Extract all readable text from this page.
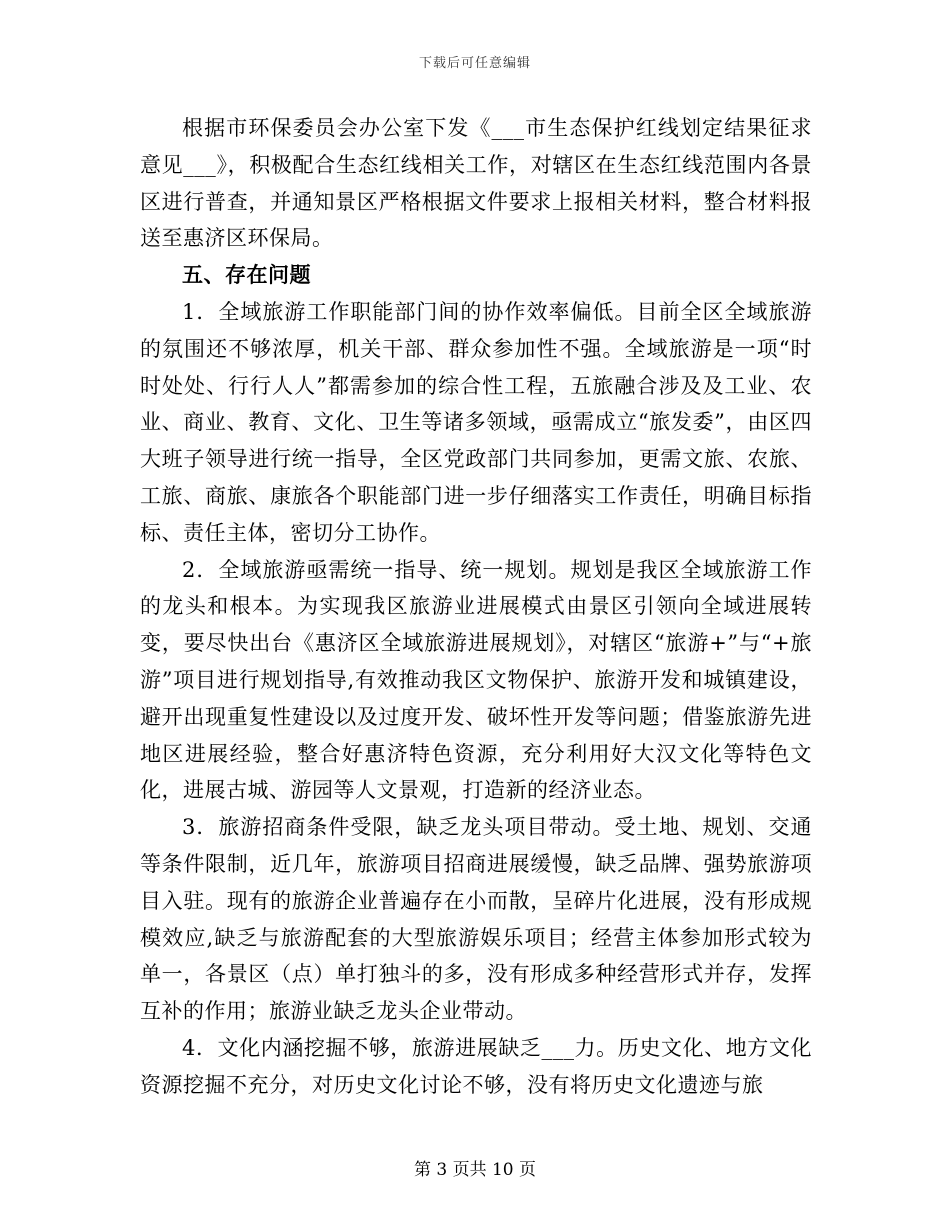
下载后可任意编辑

根据市环保委员会办公室下发《___市生态保护红线划定结果征求意见___》，积极配合生态红线相关工作，对辖区在生态红线范围内各景区进行普查，并通知景区严格根据文件要求上报相关材料，整合材料报送至惠济区环保局。

五、存在问题

1．全域旅游工作职能部门间的协作效率偏低。目前全区全域旅游的氛围还不够浓厚，机关干部、群众参加性不强。全域旅游是一项“时时处处、行行人人”都需参加的综合性工程，五旅融合涉及及工业、农业、商业、教育、文化、卫生等诸多领域，亟需成立“旅发委”，由区四大班子领导进行统一指导，全区党政部门共同参加，更需文旅、农旅、工旅、商旅、康旅各个职能部门进一步仔细落实工作责任，明确目标指标、责任主体，密切分工协作。

2．全域旅游亟需统一指导、统一规划。规划是我区全域旅游工作的龙头和根本。为实现我区旅游业进展模式由景区引领向全域进展转变，要尽快出台《惠济区全域旅游进展规划》，对辖区“旅游+”与“+旅游”项目进行规划指导,有效推动我区文物保护、旅游开发和城镇建设，避开出现重复性建设以及过度开发、破坏性开发等问题；借鉴旅游先进地区进展经验，整合好惠济特色资源，充分利用好大汉文化等特色文化，进展古城、游园等人文景观，打造新的经济业态。

3．旅游招商条件受限，缺乏龙头项目带动。受土地、规划、交通等条件限制，近几年，旅游项目招商进展缓慢，缺乏品牌、强势旅游项目入驻。现有的旅游企业普遍存在小而散，呈碎片化进展，没有形成规模效应,缺乏与旅游配套的大型旅游娱乐项目；经营主体参加形式较为单一，各景区（点）单打独斗的多，没有形成多种经营形式并存，发挥互补的作用；旅游业缺乏龙头企业带动。

4．文化内涵挖掘不够，旅游进展缺乏___力。历史文化、地方文化资源挖掘不充分，对历史文化讨论不够，没有将历史文化遗迹与旅

第 3 页共 10 页
